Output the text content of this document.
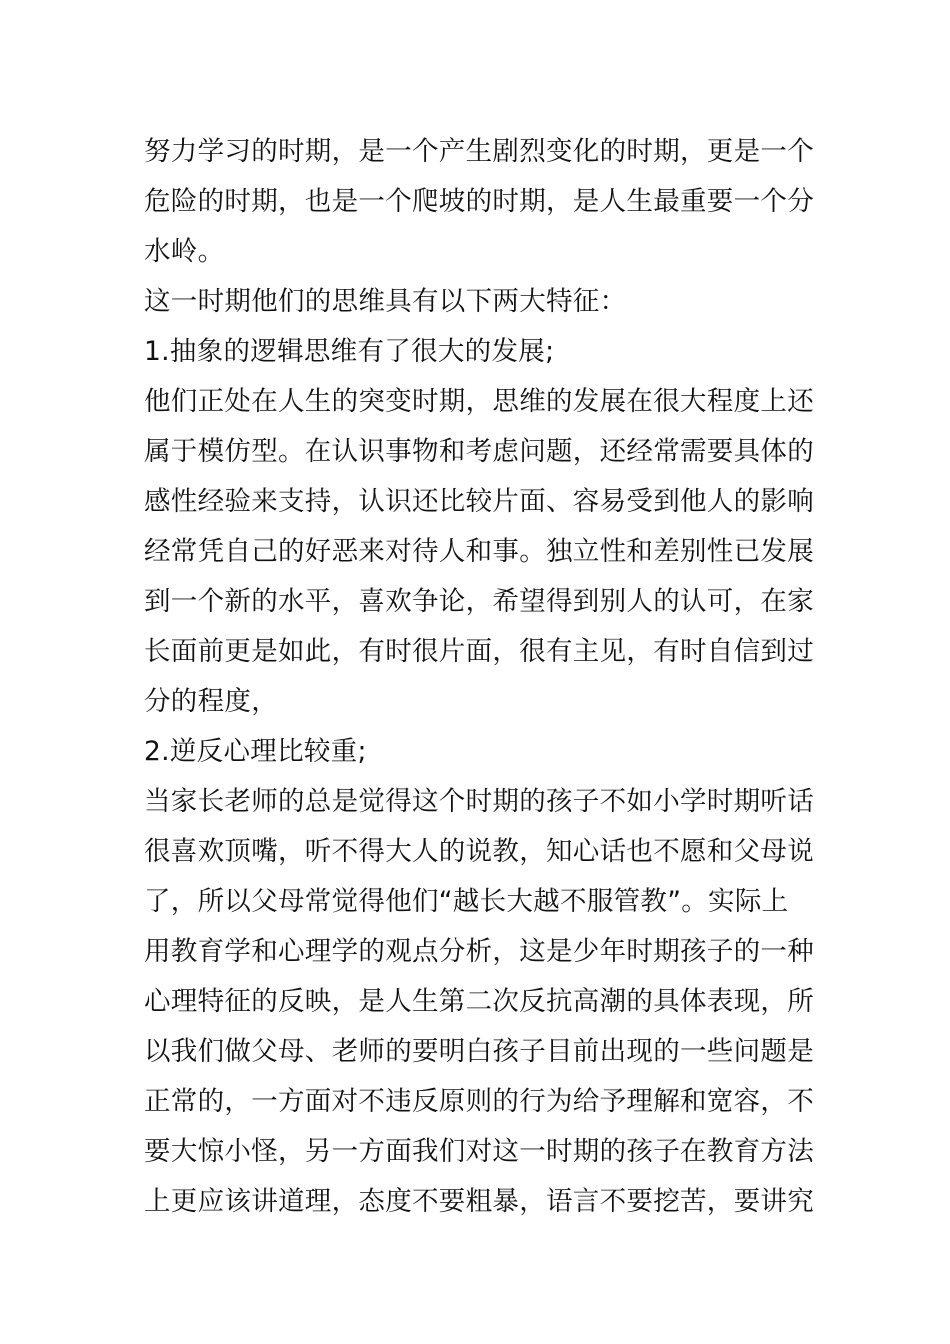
努力学习的时期，是一个产生剧烈变化的时期，更是一个
危险的时期，也是一个爬坡的时期，是人生最重要一个分
水岭。
这一时期他们的思维具有以下两大特征：
1.抽象的逻辑思维有了很大的发展;
他们正处在人生的突变时期，思维的发展在很大程度上还
属于模仿型。在认识事物和考虑问题，还经常需要具体的
感性经验来支持，认识还比较片面、容易受到他人的影响
经常凭自己的好恶来对待人和事。独立性和差别性已发展
到一个新的水平，喜欢争论，希望得到别人的认可，在家
长面前更是如此，有时很片面，很有主见，有时自信到过
分的程度，
2.逆反心理比较重;
当家长老师的总是觉得这个时期的孩子不如小学时期听话
很喜欢顶嘴，听不得大人的说教，知心话也不愿和父母说
了，所以父母常觉得他们“越长大越不服管教”。实际上
用教育学和心理学的观点分析，这是少年时期孩子的一种
心理特征的反映，是人生第二次反抗高潮的具体表现，所
以我们做父母、老师的要明白孩子目前出现的一些问题是
正常的，一方面对不违反原则的行为给予理解和宽容，不
要大惊小怪，另一方面我们对这一时期的孩子在教育方法
上更应该讲道理，态度不要粗暴，语言不要挖苦，要讲究
